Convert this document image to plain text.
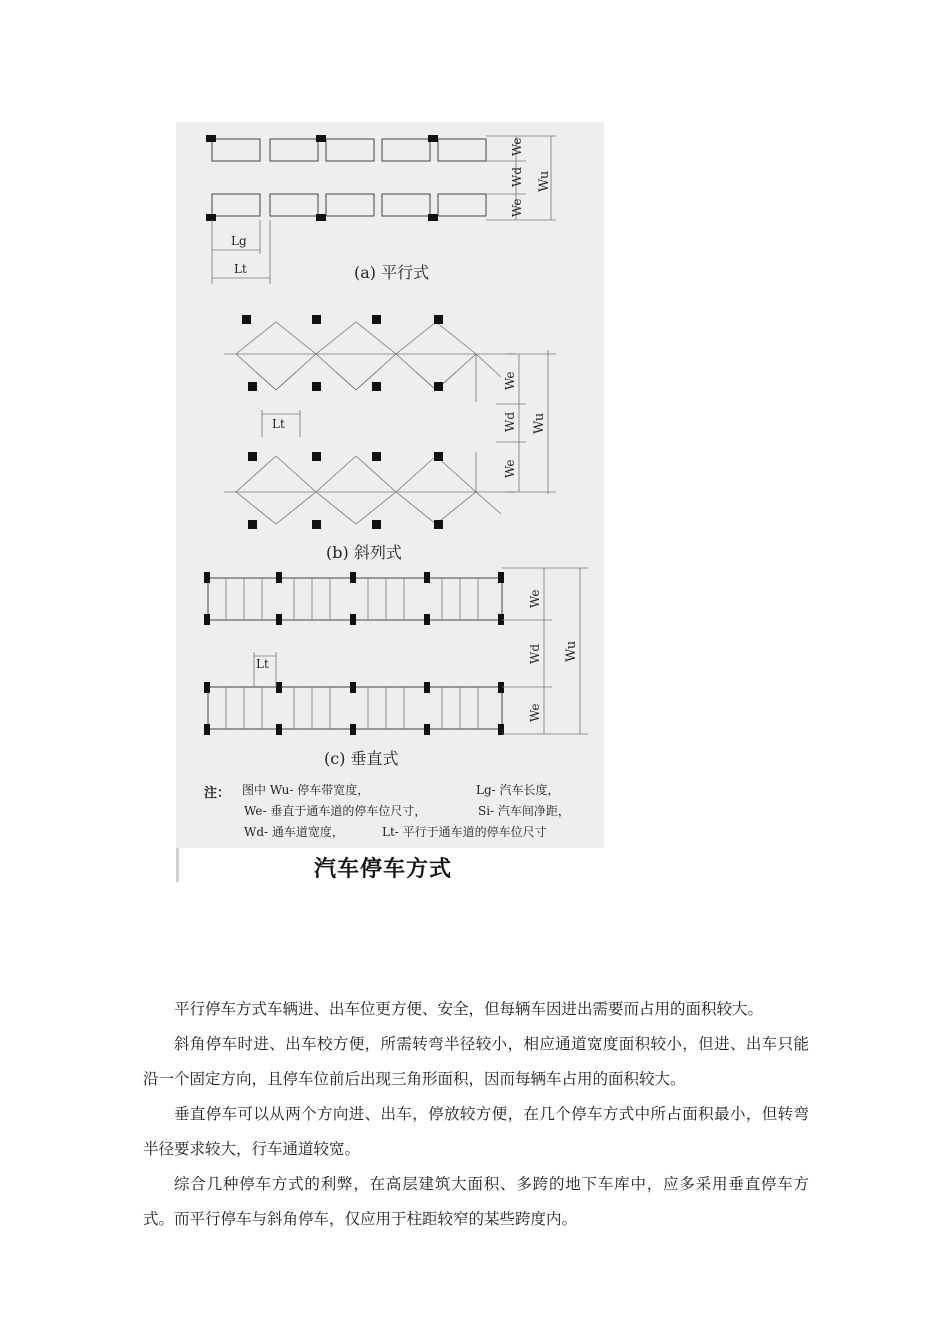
We
Wd
We
Wu
Lg
Lt	(a) 平行式
We
Wd
We
Wu
Lt
(b) 斜列式
We
Wd
We
Wu
Lt
(c) 垂直式
注： 图中 Wu- 停车带宽度，	Lg- 汽车长度，
We- 垂直于通车道的停车位尺寸，	Si- 汽车间净距，
Wd- 通车道宽度，	Lt- 平行于通车道的停车位尺寸
汽车停车方式

平行停车方式车辆进、出车位更方便、安全，但每辆车因进出需要而占用的面积较大。

斜角停车时进、出车校方便，所需转弯半径较小，相应通道宽度面积较小，但进、出车只能沿一个固定方向，且停车位前后出现三角形面积，因而每辆车占用的面积较大。

垂直停车可以从两个方向进、出车，停放较方便，在几个停车方式中所占面积最小，但转弯半径要求较大，行车通道较宽。

综合几种停车方式的利弊，在高层建筑大面积、多跨的地下车库中，应多采用垂直停车方式。而平行停车与斜角停车，仅应用于柱距较窄的某些跨度内。
